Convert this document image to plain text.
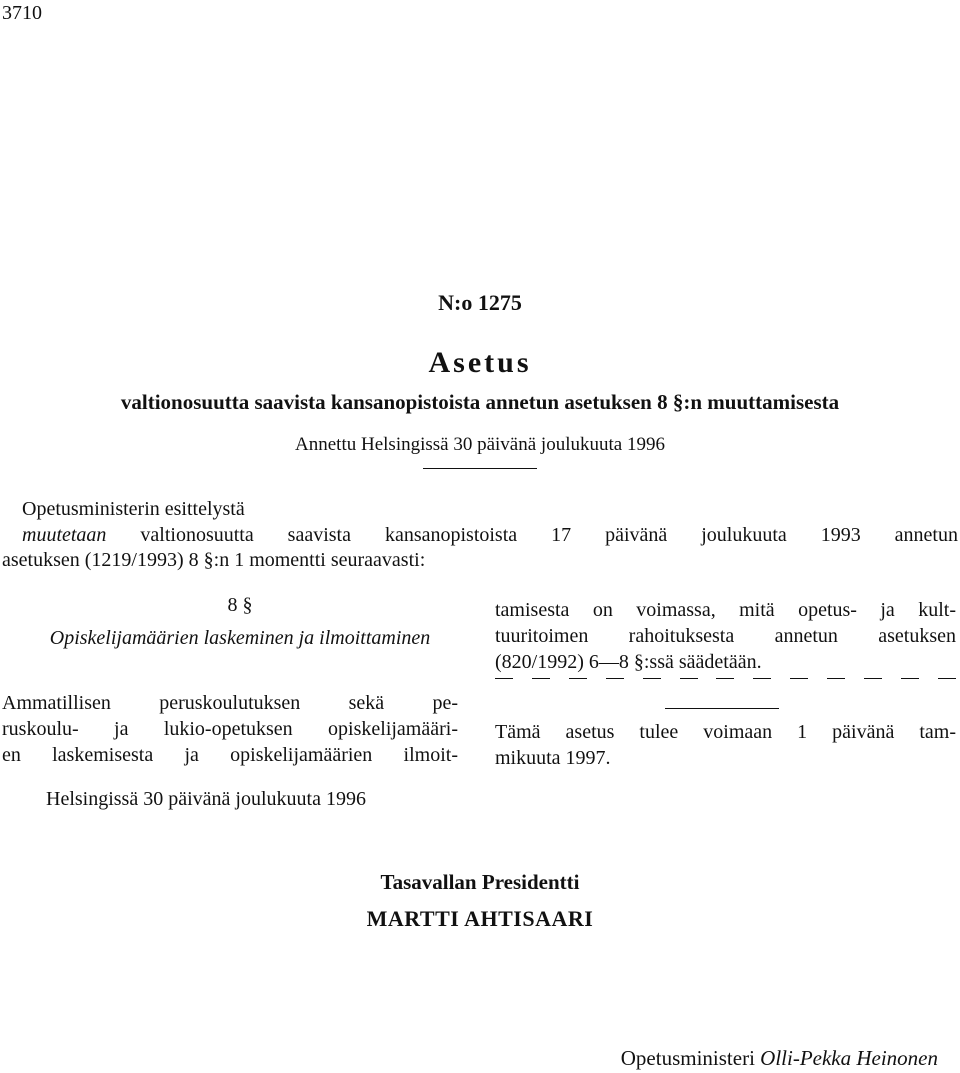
3710
N:o 1275
Asetus
valtionosuutta saavista kansanopistoista annetun asetuksen 8 §:n muuttamisesta
Annettu Helsingissä 30 päivänä joulukuuta 1996
Opetusministerin esittelystä
muutetaan valtionosuutta saavista kansanopistoista 17 päivänä joulukuuta 1993 annetun
asetuksen (1219/1993) 8 §:n 1 momentti seuraavasti:
8 §
Opiskelijamäärien laskeminen ja ilmoittaminen
Ammatillisen peruskoulutuksen sekä pe-
ruskoulu- ja lukio-opetuksen opiskelijamääri-
en laskemisesta ja opiskelijamäärien ilmoit-
tamisesta on voimassa, mitä opetus- ja kult-
tuuritoimen rahoituksesta annetun asetuksen
(820/1992) 6—8 §:ssä säädetään.
Tämä asetus tulee voimaan 1 päivänä tam-
mikuuta 1997.
Helsingissä 30 päivänä joulukuuta 1996
Tasavallan Presidentti
MARTTI AHTISAARI
Opetusministeri Olli-Pekka Heinonen
